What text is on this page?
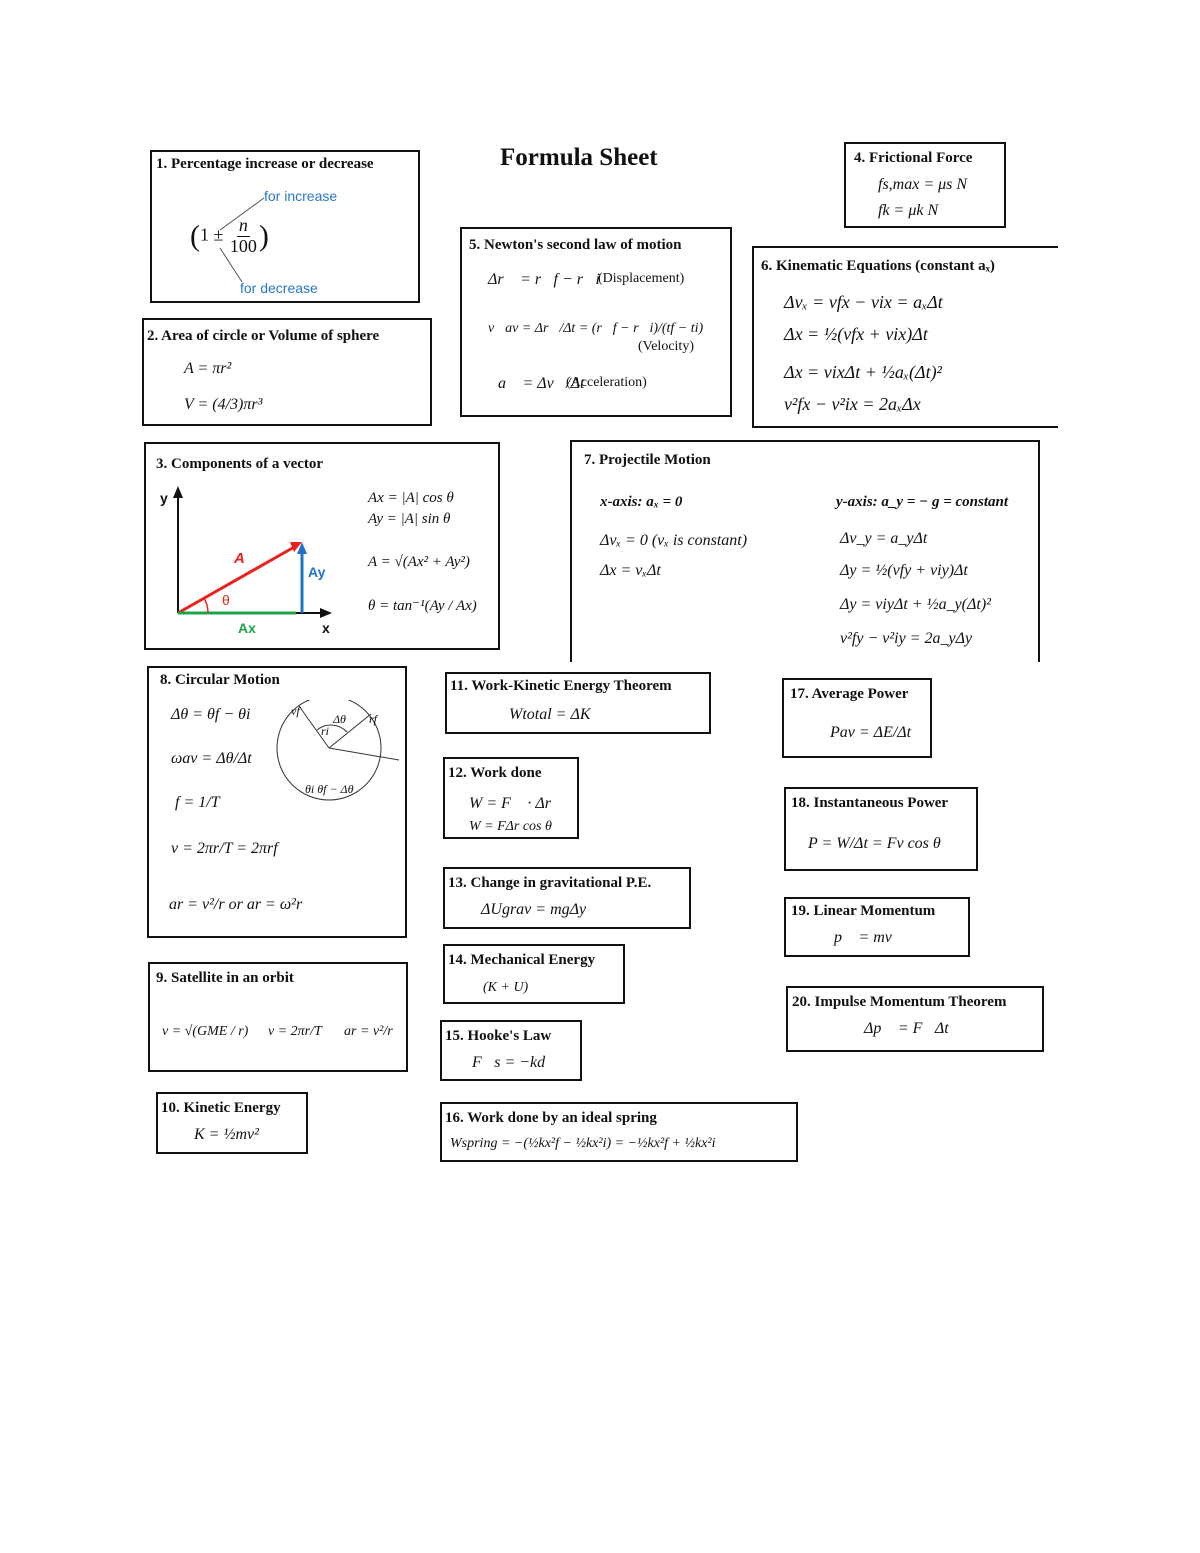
Formula Sheet
1. Percentage increase or decrease
for increase
($1 \pm \frac{n}{100}$ )
for decrease
2. Area of circle or Volume of sphere
A = πr²
V = (4/3)πr³
3. Components of a vector
y
x
A
Ay
Ax
θ
Ax = |A| cos θ
Ay = |A| sin θ
A = √(Ax² + Ay²)
θ = tan⁻¹(Ay / Ax)
4. Frictional Force
fs,max = μs N
fk = μk N
5. Newton's second law of motion
Δr⃗ = r⃗f − r⃗i
(Displacement)
v⃗av = Δr⃗/Δt = (r⃗f − r⃗i)/(tf − ti)
(Velocity)
a⃗ = Δv⃗/Δt
(Acceleration)
6. Kinematic Equations (constant aₓ)
Δvₓ = vfx − vix = aₓΔt
Δx = ½(vfx + vix)Δt
Δx = vixΔt + ½aₓ(Δt)²
v²fx − v²ix = 2aₓΔx
7. Projectile Motion
x-axis: aₓ = 0	y-axis: a_y = − g = constant
Δvₓ = 0 (vₓ is constant)
Δx = vₓΔt
Δv_y = a_yΔt
Δy = ½(vfy + viy)Δt
Δy = viyΔt + ½a_y(Δt)²
v²fy − v²iy = 2a_yΔy
8. Circular Motion
Δθ = θf − θi
ωav = Δθ/Δt
f = 1/T
v = 2πr/T = 2πrf
ar = v²/r or ar = ω²r
vf
ri
rf
Δθ
θi θf − Δθ
9. Satellite in an orbit
v = √(GME / r) v = 2πr/T ar = v²/r
10. Kinetic Energy
K = ½mv²
11. Work-Kinetic Energy Theorem
Wtotal = ΔK
12. Work done
W = F⃗ · Δr⃗
W = FΔr cos θ
13. Change in gravitational P.E.
ΔUgrav = mgΔy
14. Mechanical Energy
(K + U)
15. Hooke's Law
F⃗s = −kd⃗
16. Work done by an ideal spring
Wspring = −(½kx²f − ½kx²i) = −½kx²f + ½kx²i
17. Average Power
Pav = ΔE/Δt
18. Instantaneous Power
P = W/Δt = Fv cos θ
19. Linear Momentum
p⃗ = mv⃗
20. Impulse Momentum Theorem
Δp⃗ = F⃗Δt
